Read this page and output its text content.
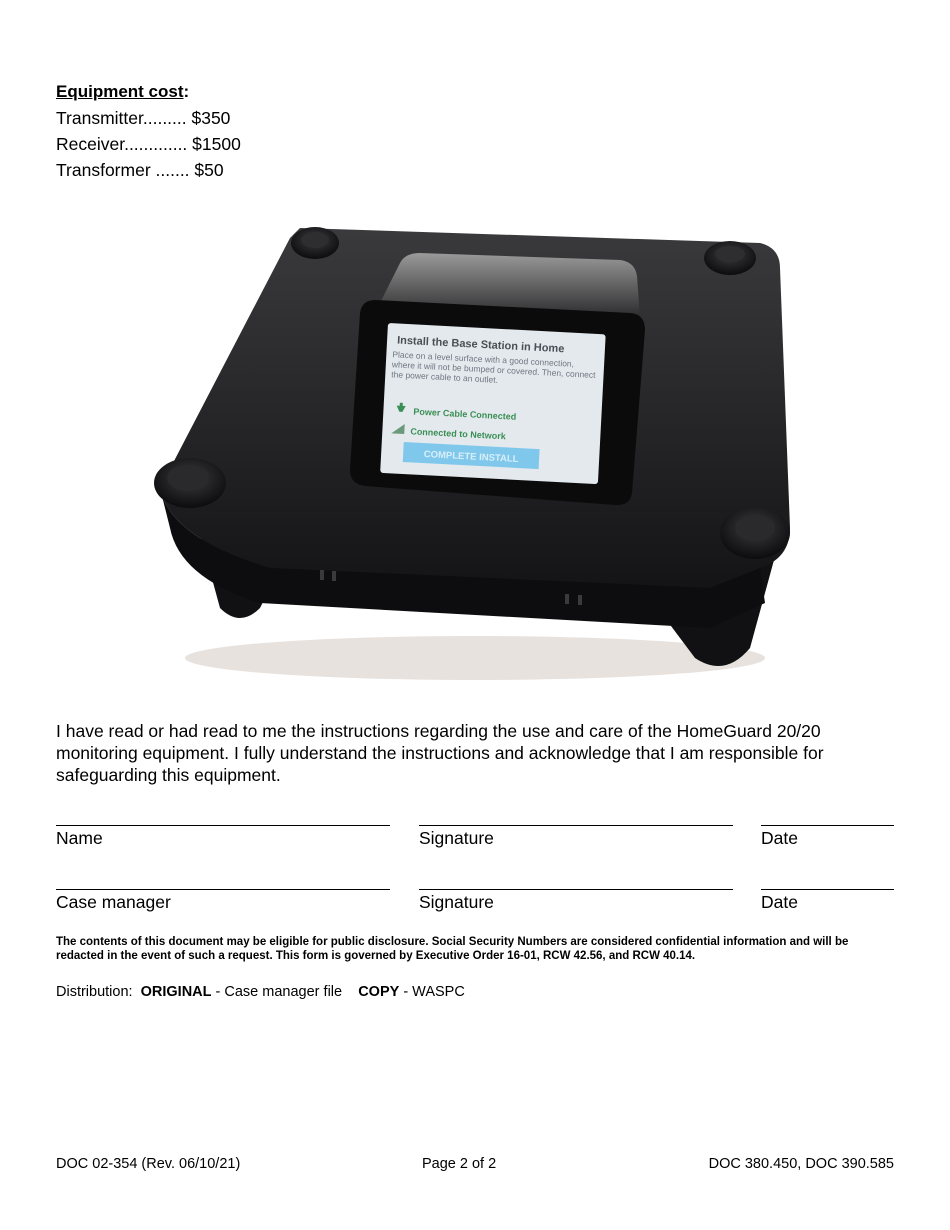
Equipment cost:
Transmitter......... $350
Receiver............. $1500
Transformer ....... $50
Install the Base Station in Home
Place on a level surface with a good connection, where it will not be bumped or covered. Then, connect the power cable to an outlet.
Power Cable Connected
Connected to Network
COMPLETE INSTALL
I have read or had read to me the instructions regarding the use and care of the HomeGuard 20/20 monitoring equipment. I fully understand the instructions and acknowledge that I am responsible for safeguarding this equipment.
Name	Signature	Date
Case manager	Signature	Date
The contents of this document may be eligible for public disclosure. Social Security Numbers are considered confidential information and will be redacted in the event of such a request. This form is governed by Executive Order 16-01, RCW 42.56, and RCW 40.14.
Distribution: ORIGINAL - Case manager file COPY - WASPC
DOC 02-354 (Rev. 06/10/21)	Page 2 of 2	DOC 380.450, DOC 390.585
